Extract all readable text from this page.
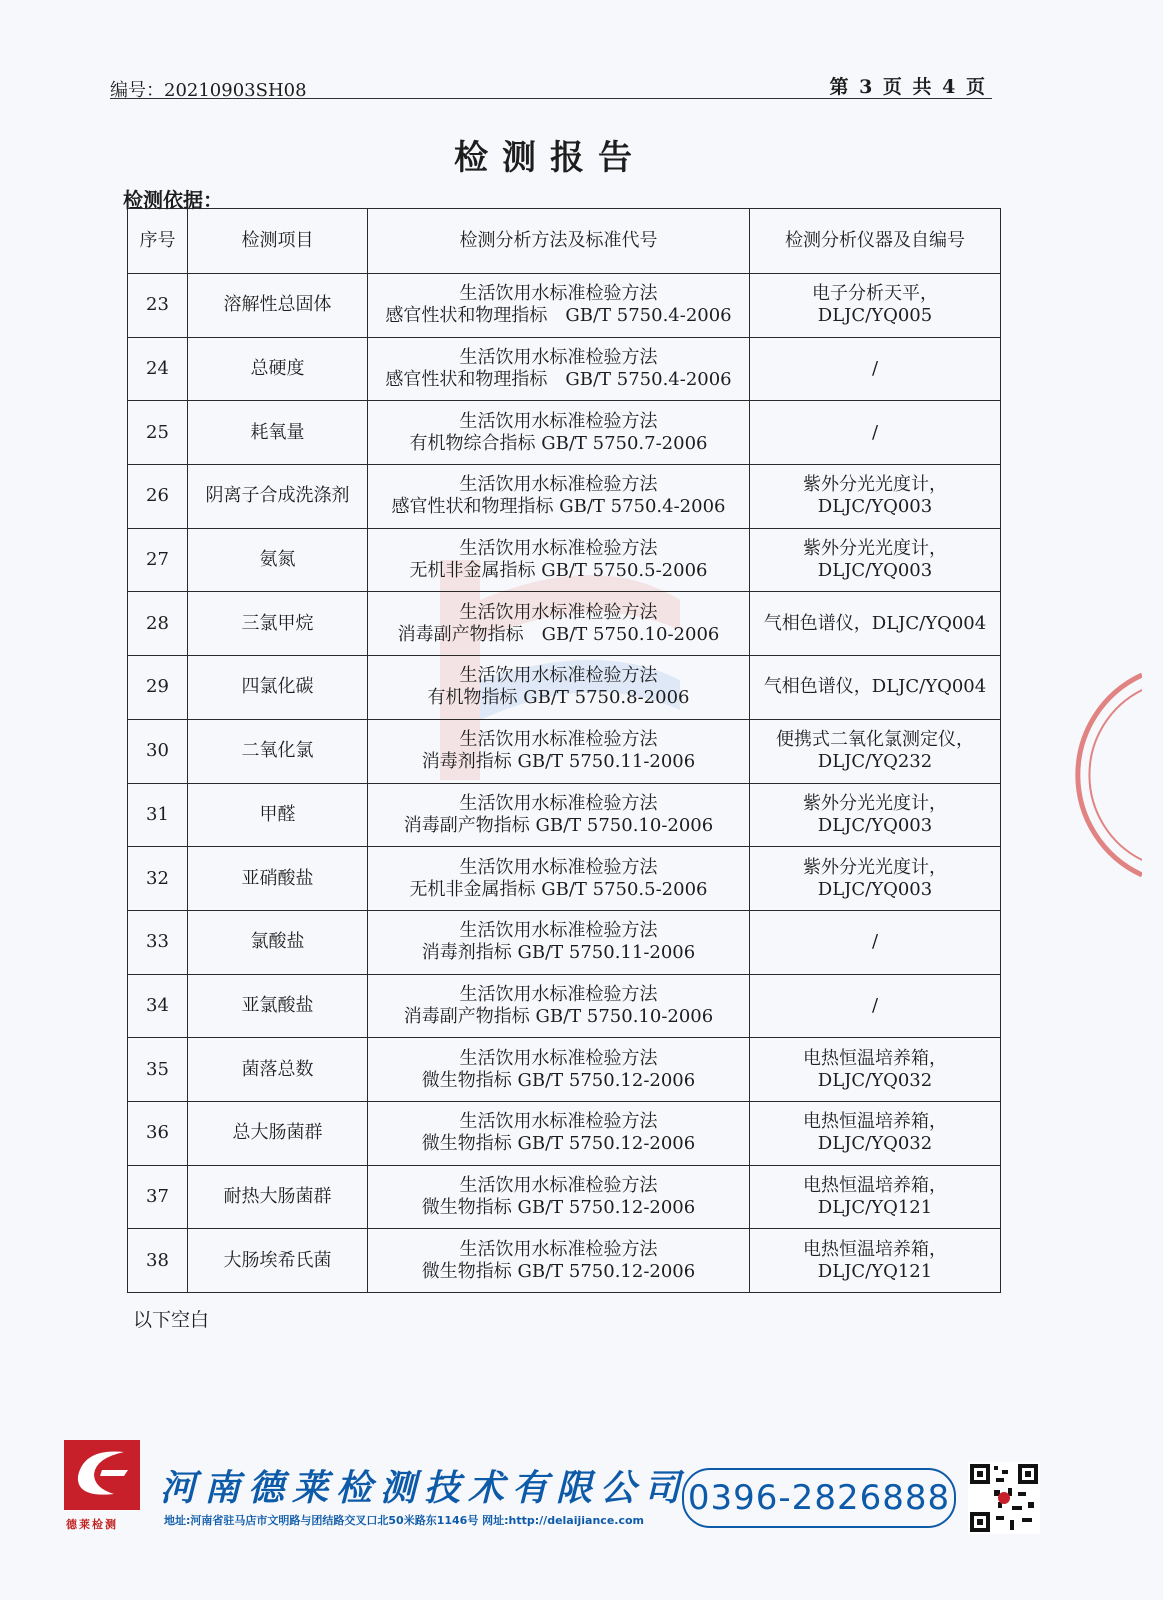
编号：20210903SH08	第 3 页 共 4 页
检测报告
检测依据：
序号	检测项目	检测分析方法及标准代号	检测分析仪器及自编号
23	溶解性总固体	生活饮用水标准检验方法
感官性状和物理指标　GB/T 5750.4-2006	电子分析天平，
DLJC/YQ005

24	总硬度	生活饮用水标准检验方法
感官性状和物理指标　GB/T 5750.4-2006	/
25	耗氧量	生活饮用水标准检验方法
有机物综合指标 GB/T 5750.7-2006	/
26	阴离子合成洗涤剂	生活饮用水标准检验方法
感官性状和物理指标 GB/T 5750.4-2006	紫外分光光度计，
DLJC/YQ003

27	氨氮	生活饮用水标准检验方法
无机非金属指标 GB/T 5750.5-2006	紫外分光光度计，
DLJC/YQ003

28	三氯甲烷	生活饮用水标准检验方法
消毒副产物指标　GB/T 5750.10-2006	气相色谱仪，DLJC/YQ004
29	四氯化碳	生活饮用水标准检验方法
有机物指标 GB/T 5750.8-2006	气相色谱仪，DLJC/YQ004
30	二氧化氯	生活饮用水标准检验方法
消毒剂指标 GB/T 5750.11-2006	便携式二氧化氯测定仪，
DLJC/YQ232

31	甲醛	生活饮用水标准检验方法
消毒副产物指标 GB/T 5750.10-2006	紫外分光光度计，
DLJC/YQ003

32	亚硝酸盐	生活饮用水标准检验方法
无机非金属指标 GB/T 5750.5-2006	紫外分光光度计，
DLJC/YQ003

33	氯酸盐	生活饮用水标准检验方法
消毒剂指标 GB/T 5750.11-2006	/
34	亚氯酸盐	生活饮用水标准检验方法
消毒副产物指标 GB/T 5750.10-2006	/
35	菌落总数	生活饮用水标准检验方法
微生物指标 GB/T 5750.12-2006	电热恒温培养箱，
DLJC/YQ032

36	总大肠菌群	生活饮用水标准检验方法
微生物指标 GB/T 5750.12-2006	电热恒温培养箱，
DLJC/YQ032

37	耐热大肠菌群	生活饮用水标准检验方法
微生物指标 GB/T 5750.12-2006	电热恒温培养箱，
DLJC/YQ121

38	大肠埃希氏菌	生活饮用水标准检验方法
微生物指标 GB/T 5750.12-2006	电热恒温培养箱，
DLJC/YQ121
以下空白
德莱检测
河南德莱检测技术有限公司
地址:河南省驻马店市文明路与团结路交叉口北50米路东1146号 网址:http://delaijiance.com
0396-2826888
